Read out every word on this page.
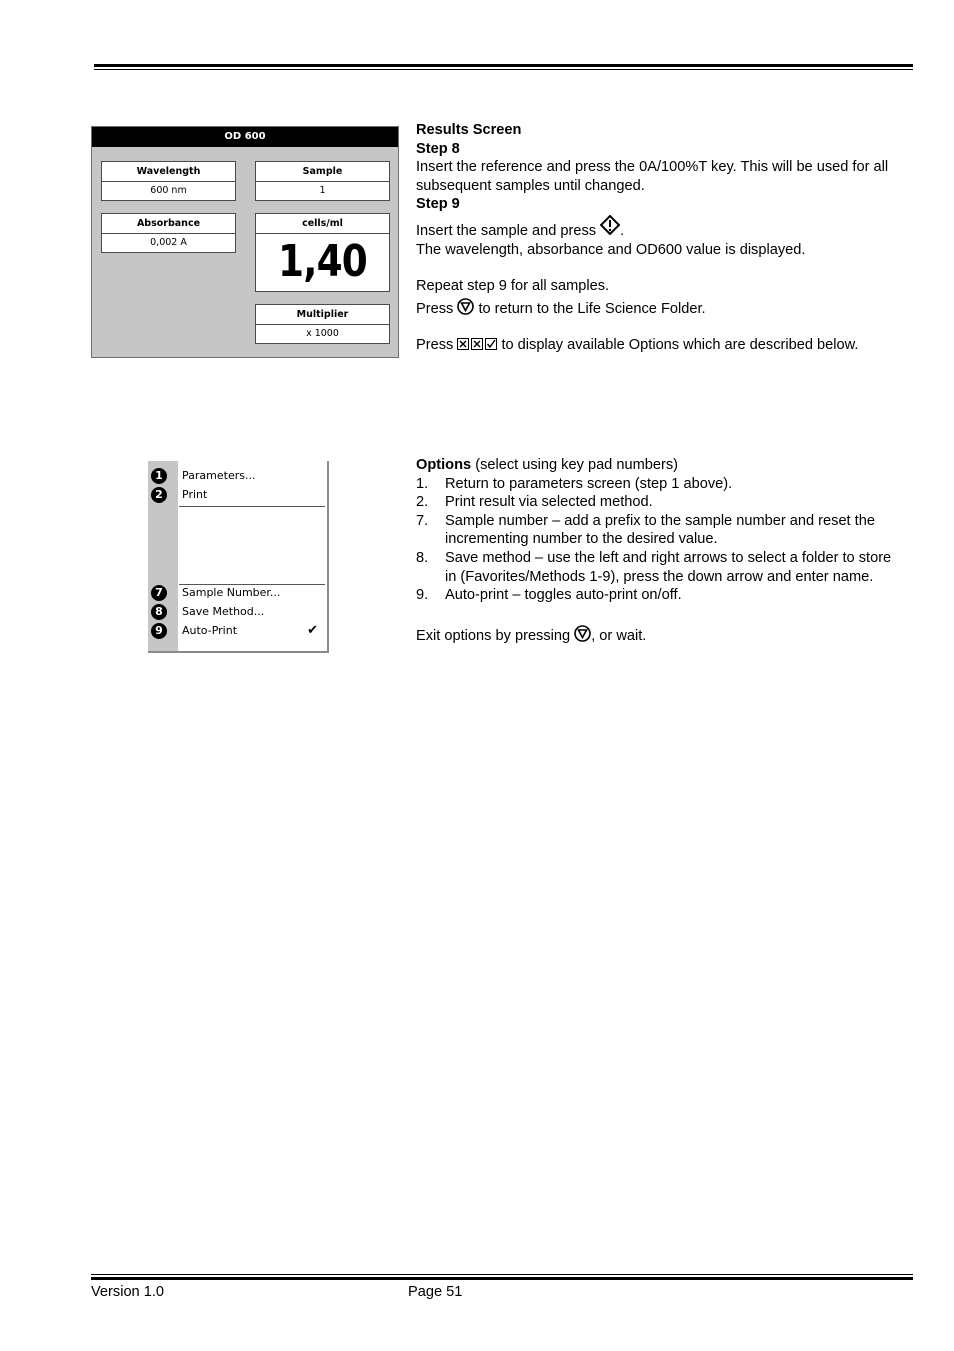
OD 600
Wavelength
600 nm
Sample
1
Absorbance
0,002 A
cells/ml
1,40
Multiplier
x 1000
1	Parameters...
2	Print
7	Sample Number...
8	Save Method...
9	Auto-Print	✔

Results Screen

Step 8

Insert the reference and press the 0A/100%T key. This will be used for all subsequent samples until changed.

Step 9

Insert the sample and press .

The wavelength, absorbance and OD600 value is displayed.

Repeat step 9 for all samples.

Press to return to the Life Science Folder.

Press	to display available Options which are described below.

Options (select using key pad numbers)

1. Return to parameters screen (step 1 above).
2. Print result via selected method.
7. Sample number – add a prefix to the sample number and reset the incrementing number to the desired value.
8. Save method – use the left and right arrows to select a folder to store in (Favorites/Methods 1-9), press the down arrow and enter name.
9. Auto-print – toggles auto-print on/off.

Exit options by pressing , or wait.

Version 1.0	Page 51
